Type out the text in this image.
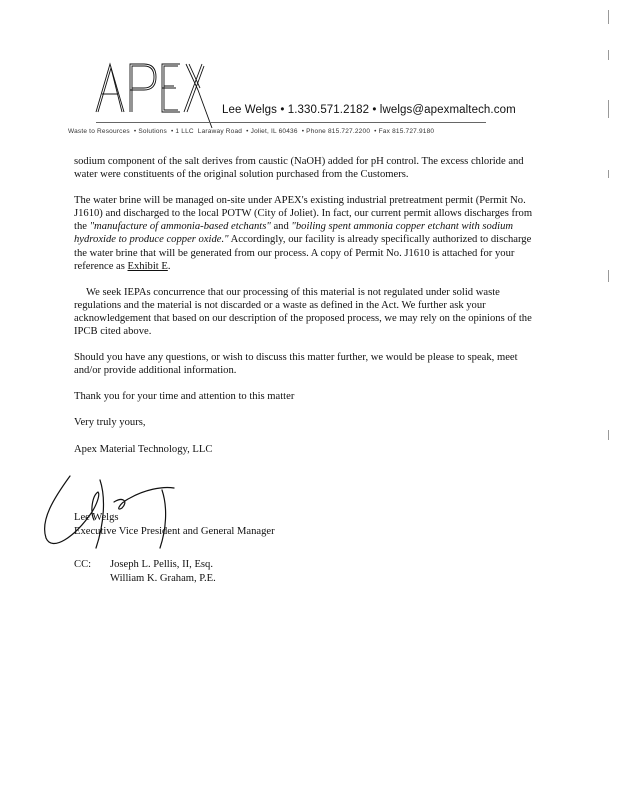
Lee Welgs • 1.330.571.2182 • lwelgs@apexmaltech.com
Waste to Resources • Solutions • 1 LLC Laraway Road • Joliet, IL 60436 • Phone 815.727.2200 • Fax 815.727.9180

sodium component of the salt derives from caustic (NaOH) added for pH control. The excess chloride and water were constituents of the original solution purchased from the Customers.

The water brine will be managed on-site under APEX's existing industrial pretreatment permit (Permit No. J1610) and discharged to the local POTW (City of Joliet). In fact, our current permit allows discharges from the "manufacture of ammonia-based etchants" and "boiling spent ammonia copper etchant with sodium hydroxide to produce copper oxide." Accordingly, our facility is already specifically authorized to discharge the water brine that will be generated from our process. A copy of Permit No. J1610 is attached for your reference as Exhibit E.

We seek IEPAs concurrence that our processing of this material is not regulated under solid waste regulations and the material is not discarded or a waste as defined in the Act. We further ask your acknowledgement that based on our description of the proposed process, we may rely on the opinions of the IPCB cited above.

Should you have any questions, or wish to discuss this matter further, we would be please to speak, meet and/or provide additional information.

Thank you for your time and attention to this matter

Very truly yours,

Apex Material Technology, LLC

Lee Welgs
Executive Vice President and General Manager
CC: Joseph L. Pellis, II, Esq.
William K. Graham, P.E.
